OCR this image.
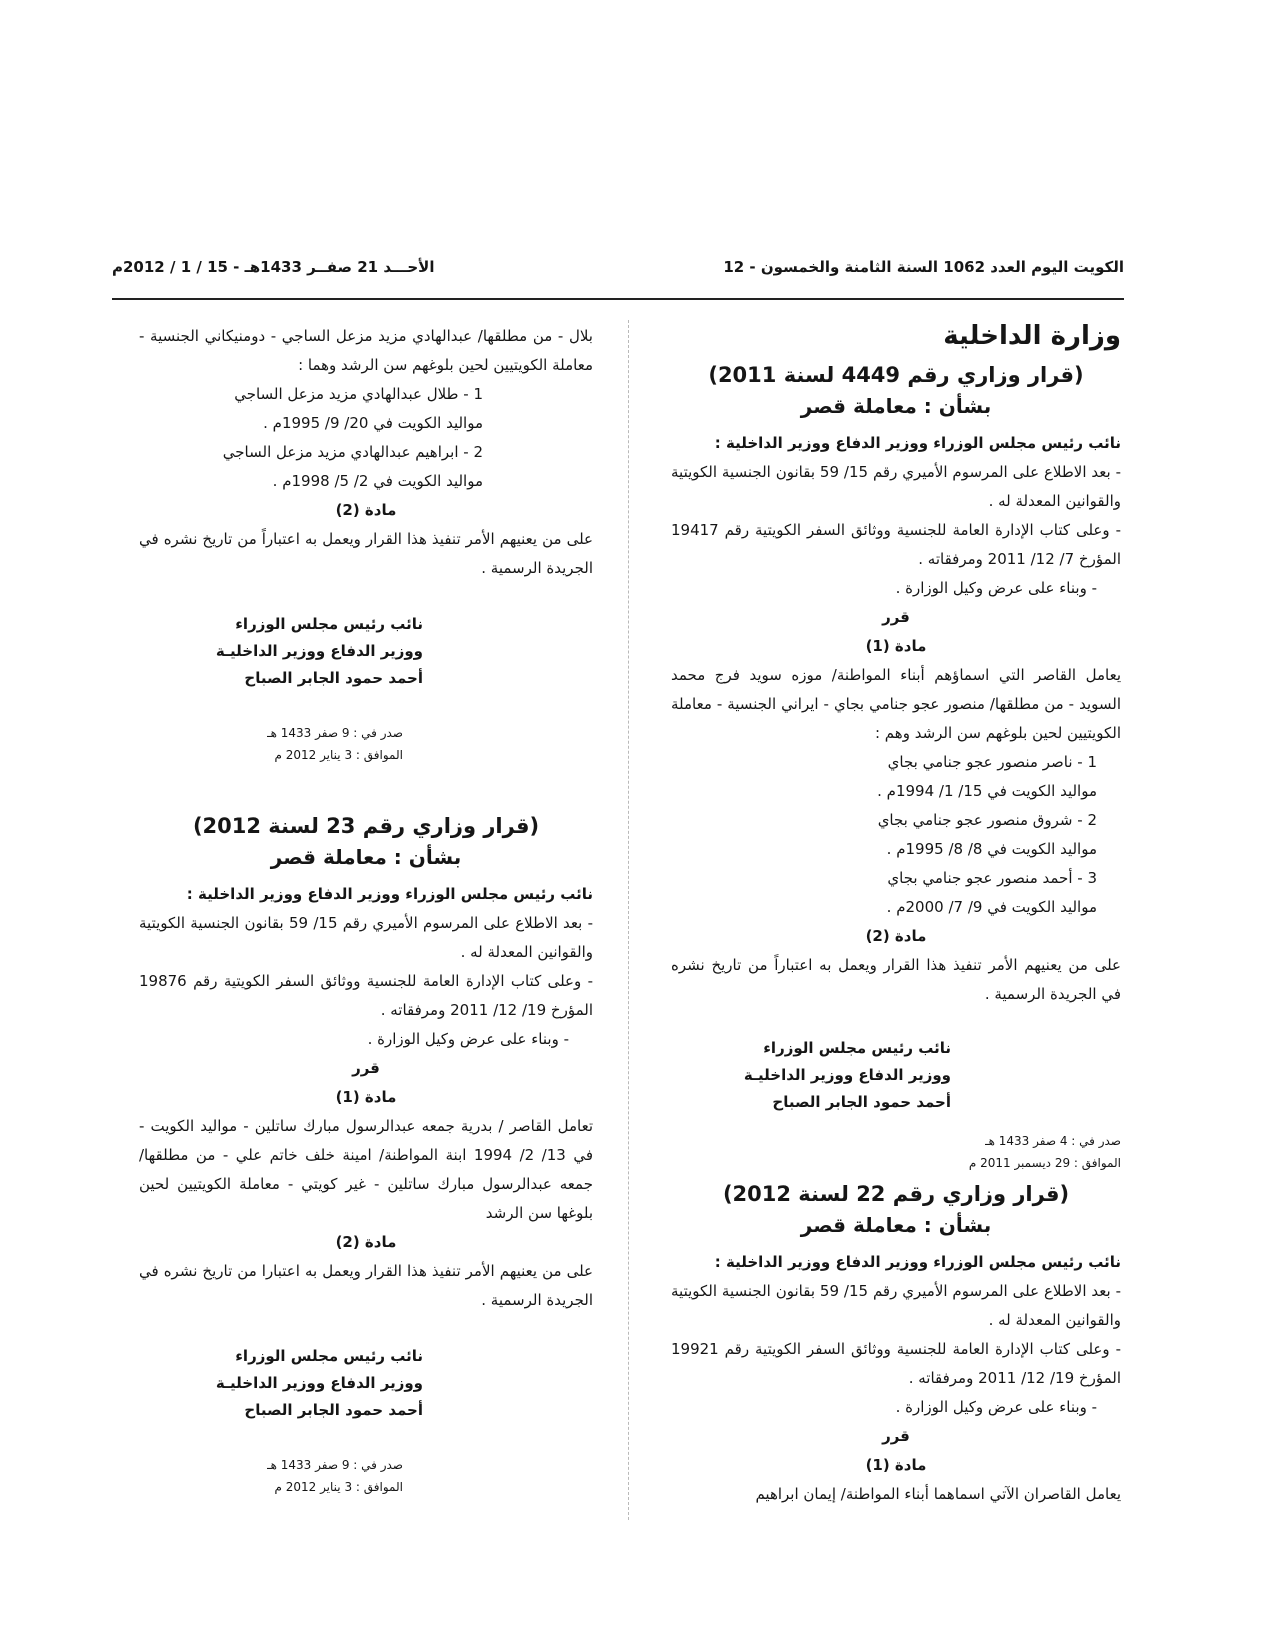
الكويت اليوم العدد 1062 السنة الثامنة والخمسون - 12
الأحـــد 21 صفــر 1433هـ - 15 / 1 / 2012م
وزارة الداخلية
(قرار وزاري رقم 4449 لسنة 2011)
بشأن : معاملة قصر

نائب رئيس مجلس الوزراء ووزير الدفاع ووزير الداخلية :

- بعد الاطلاع على المرسوم الأميري رقم 15/ 59 بقانون الجنسية الكويتية والقوانين المعدلة له .

- وعلى كتاب الإدارة العامة للجنسية ووثائق السفر الكويتية رقم 19417 المؤرخ 7/ 12/ 2011 ومرفقاته .

- وبناء على عرض وكيل الوزارة .

قرر

مادة (1)

يعامل القاصر التي اسماؤهم أبناء المواطنة/ موزه سويد فرج محمد السويد - من مطلقها/ منصور عجو جنامي بجاي - ايراني الجنسية - معاملة الكويتيين لحين بلوغهم سن الرشد وهم :

1 - ناصر منصور عجو جنامي بجاي

مواليد الكويت في 15/ 1/ 1994م .

2 - شروق منصور عجو جنامي بجاي

مواليد الكويت في 8/ 8/ 1995م .

3 - أحمد منصور عجو جنامي بجاي

مواليد الكويت في 9/ 7/ 2000م .

مادة (2)

على من يعنيهم الأمر تنفيذ هذا القرار ويعمل به اعتباراً من تاريخ نشره في الجريدة الرسمية .

نائب رئيس مجلس الوزراء
ووزير الدفاع ووزير الداخليـة
أحمد حمود الجابر الصباح

صدر في : 4 صفر 1433 هـ

الموافق : 29 ديسمبر 2011 م

(قرار وزاري رقم 22 لسنة 2012)
بشأن : معاملة قصر

نائب رئيس مجلس الوزراء ووزير الدفاع ووزير الداخلية :

- بعد الاطلاع على المرسوم الأميري رقم 15/ 59 بقانون الجنسية الكويتية والقوانين المعدلة له .

- وعلى كتاب الإدارة العامة للجنسية ووثائق السفر الكويتية رقم 19921 المؤرخ 19/ 12/ 2011 ومرفقاته .

- وبناء على عرض وكيل الوزارة .

قرر

مادة (1)

يعامل القاصران الآتي اسماهما أبناء المواطنة/ إيمان ابراهيم

بلال - من مطلقها/ عبدالهادي مزيد مزعل الساجي - دومنيكاني الجنسية - معاملة الكويتيين لحين بلوغهم سن الرشد وهما :

1 - طلال عبدالهادي مزيد مزعل الساجي

مواليد الكويت في 20/ 9/ 1995م .

2 - ابراهيم عبدالهادي مزيد مزعل الساجي

مواليد الكويت في 2/ 5/ 1998م .

مادة (2)

على من يعنيهم الأمر تنفيذ هذا القرار ويعمل به اعتباراً من تاريخ نشره في الجريدة الرسمية .

نائب رئيس مجلس الوزراء
ووزير الدفاع ووزير الداخليـة
أحمد حمود الجابر الصباح

صدر في : 9 صفر 1433 هـ

الموافق : 3 يناير 2012 م

(قرار وزاري رقم 23 لسنة 2012)
بشأن : معاملة قصر

نائب رئيس مجلس الوزراء ووزير الدفاع ووزير الداخلية :

- بعد الاطلاع على المرسوم الأميري رقم 15/ 59 بقانون الجنسية الكويتية والقوانين المعدلة له .

- وعلى كتاب الإدارة العامة للجنسية ووثائق السفر الكويتية رقم 19876 المؤرخ 19/ 12/ 2011 ومرفقاته .

- وبناء على عرض وكيل الوزارة .

قرر

مادة (1)

تعامل القاصر / بدرية جمعه عبدالرسول مبارك ساتلين - مواليد الكويت - في 13/ 2/ 1994 ابنة المواطنة/ امينة خلف خاتم علي - من مطلقها/ جمعه عبدالرسول مبارك ساتلين - غير كويتي - معاملة الكويتيين لحين بلوغها سن الرشد

مادة (2)

على من يعنيهم الأمر تنفيذ هذا القرار ويعمل به اعتبارا من تاريخ نشره في الجريدة الرسمية .

نائب رئيس مجلس الوزراء
ووزير الدفاع ووزير الداخليـة
أحمد حمود الجابر الصباح

صدر في : 9 صفر 1433 هـ

الموافق : 3 يناير 2012 م
